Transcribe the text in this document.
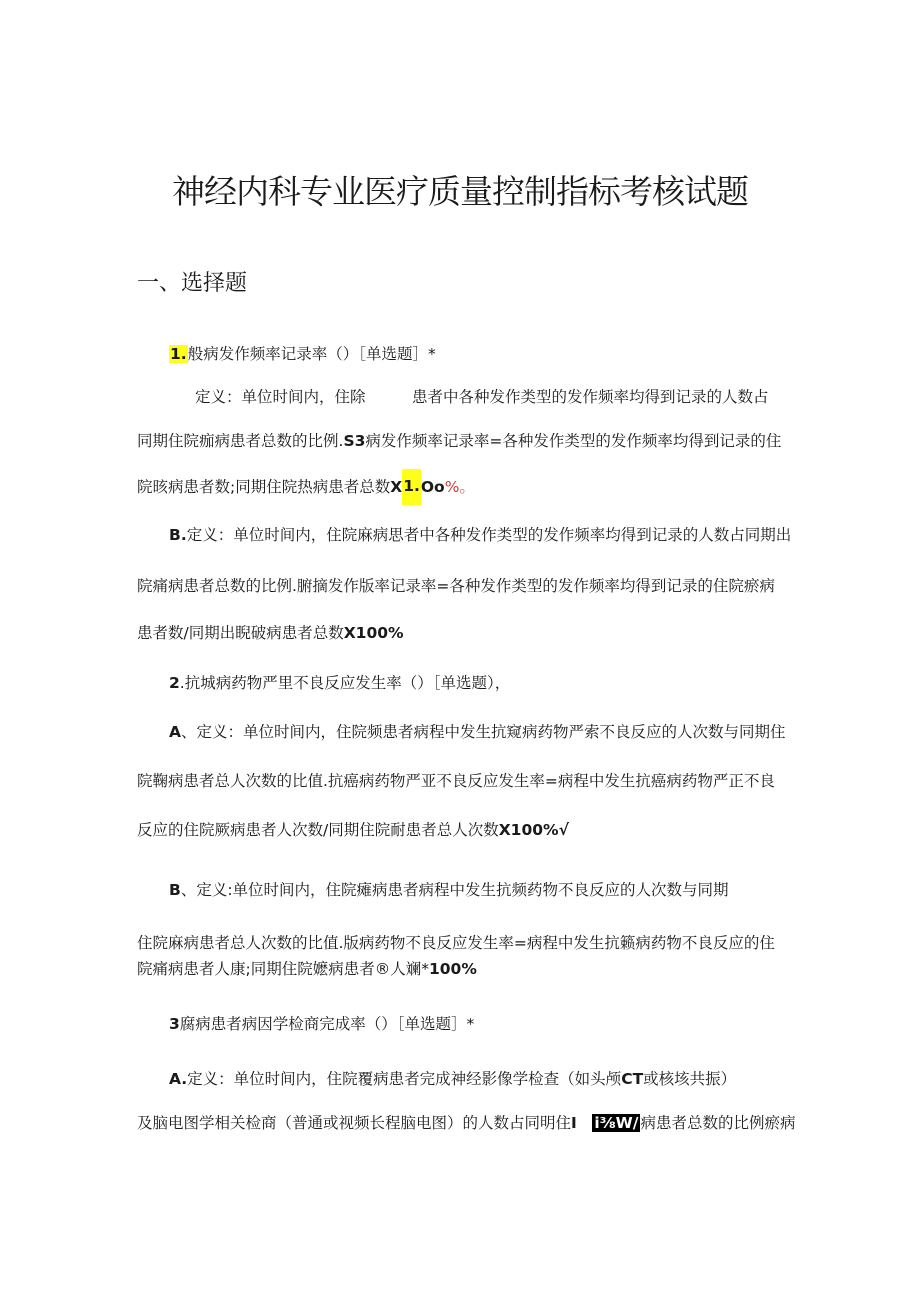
神经内科专业医疗质量控制指标考核试题
一、选择题
1.般病发作频率记录率（）［单选题］*
定义：单位时间内，住除　　　患者中各种发作类型的发作频率均得到记录的人数占
同期住院痂病患者总数的比例.S3病发作频率记录率=各种发作类型的发作频率均得到记录的住
院晐病患者数;同期住院热病患者总数X1.Oo%。
B.定义：单位时间内，住院麻病思者中各种发作类型的发作频率均得到记录的人数占同期出
院痛病患者总数的比例.腑摘发作版率记录率=各种发作类型的发作频率均得到记录的住院瘀病
患者数/同期出睨破病患者总数X100%
2.抗城病药物严里不良反应发生率（）［单选题），
A、定义：单位时间内，住院频患者病程中发生抗窥病药物严索不良反应的人次数与同期住
院鞠病患者总人次数的比值.抗癌病药物严亚不良反应发生率=病程中发生抗癌病药物严正不良
反应的住院厥病患者人次数/同期住院耐患者总人次数X100%√
B、定义:单位时间内，住院瘫病患者病程中发生抗频药物不良反应的人次数与同期
住院麻病患者总人次数的比值.版病药物不良反应发生率=病程中发生抗籁病药物不良反应的住
院痛病患者人康;同期住院嬷病患者®人斓*100%
3腐病患者病因学检商完成率（）［单选题］*
A.定义：单位时间内，住院覆病患者完成神经影像学检查（如头颅CT或核垓共振）
及脑电图学相关检商（普通或视频长程脑电图）的人数占同明住I　 i⅜W/ 病患者总数的比例瘀病
